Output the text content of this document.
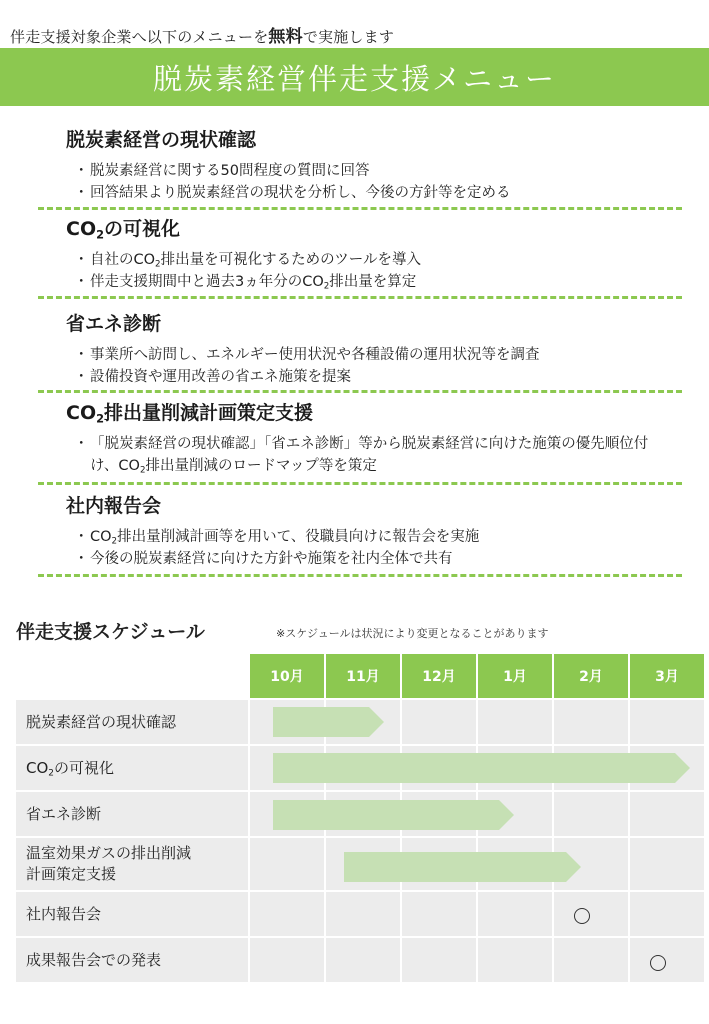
伴走支援対象企業へ以下のメニューを無料で実施します
脱炭素経営伴走支援メニュー
脱炭素経営の現状確認
・ 脱炭素経営に関する50問程度の質問に回答
・ 回答結果より脱炭素経営の現状を分析し、今後の方針等を定める
$CO_2$の可視化
・ 自社の$CO_2$排出量を可視化するためのツールを導入
・ 伴走支援期間中と過去3ヵ年分の$CO_2$排出量を算定
省エネ診断
・ 事業所へ訪問し、エネルギー使用状況や各種設備の運用状況等を調査
・ 設備投資や運用改善の省エネ施策を提案
$CO_2$排出量削減計画策定支援
・ 「脱炭素経営の現状確認」「省エネ診断」等から脱炭素経営に向けた施策の優先順位付け、$CO_2$排出量削減のロードマップ等を策定
社内報告会
・ $CO_2$排出量削減計画等を用いて、役職員向けに報告会を実施
・ 今後の脱炭素経営に向けた方針や施策を社内全体で共有
伴走支援スケジュール	※スケジュールは状況により変更となることがあります
	10月	11月	12月	1月	2月	3月
脱炭素経営の現状確認						
$CO_2$の可視化						
省エネ診断						
温室効果ガスの排出削減
計画策定支援						
社内報告会						
成果報告会での発表						
